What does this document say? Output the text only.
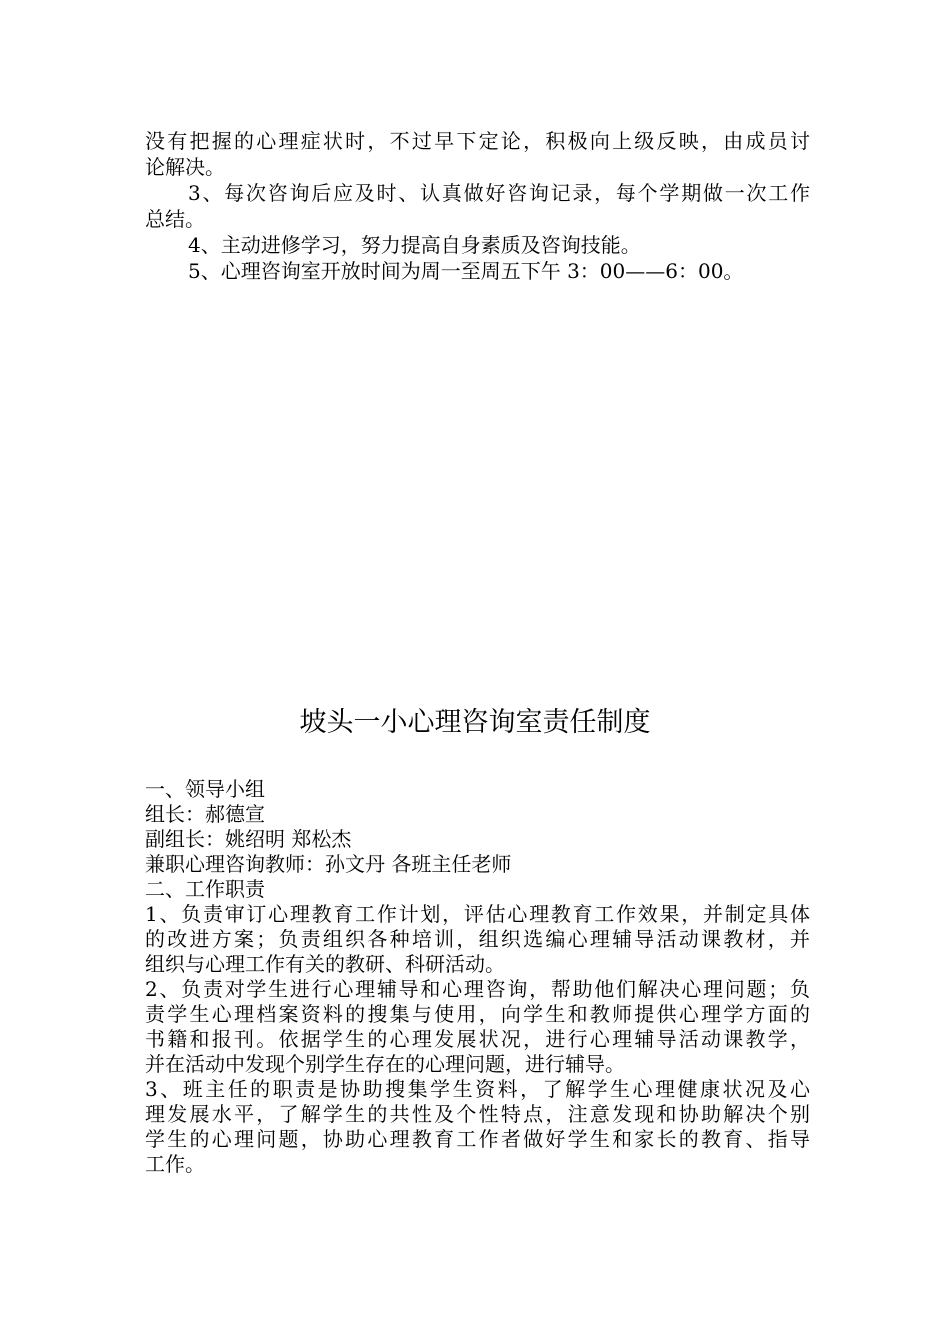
没有把握的心理症状时，不过早下定论，积极向上级反映，由成员讨
论解决。
3、每次咨询后应及时、认真做好咨询记录，每个学期做一次工作
总结。
4、主动进修学习，努力提高自身素质及咨询技能。
5、心理咨询室开放时间为周一至周五下午 3：00——6：00。
坡头一小心理咨询室责任制度
一、领导小组
组长：郝德宣
副组长：姚绍明 郑松杰
兼职心理咨询教师：孙文丹 各班主任老师
二、工作职责
1、负责审订心理教育工作计划，评估心理教育工作效果，并制定具体
的改进方案；负责组织各种培训，组织选编心理辅导活动课教材，并
组织与心理工作有关的教研、科研活动。
2、负责对学生进行心理辅导和心理咨询，帮助他们解决心理问题；负
责学生心理档案资料的搜集与使用，向学生和教师提供心理学方面的
书籍和报刊。依据学生的心理发展状况，进行心理辅导活动课教学，
并在活动中发现个别学生存在的心理问题，进行辅导。
3、班主任的职责是协助搜集学生资料，了解学生心理健康状况及心
理发展水平，了解学生的共性及个性特点，注意发现和协助解决个别
学生的心理问题，协助心理教育工作者做好学生和家长的教育、指导
工作。
